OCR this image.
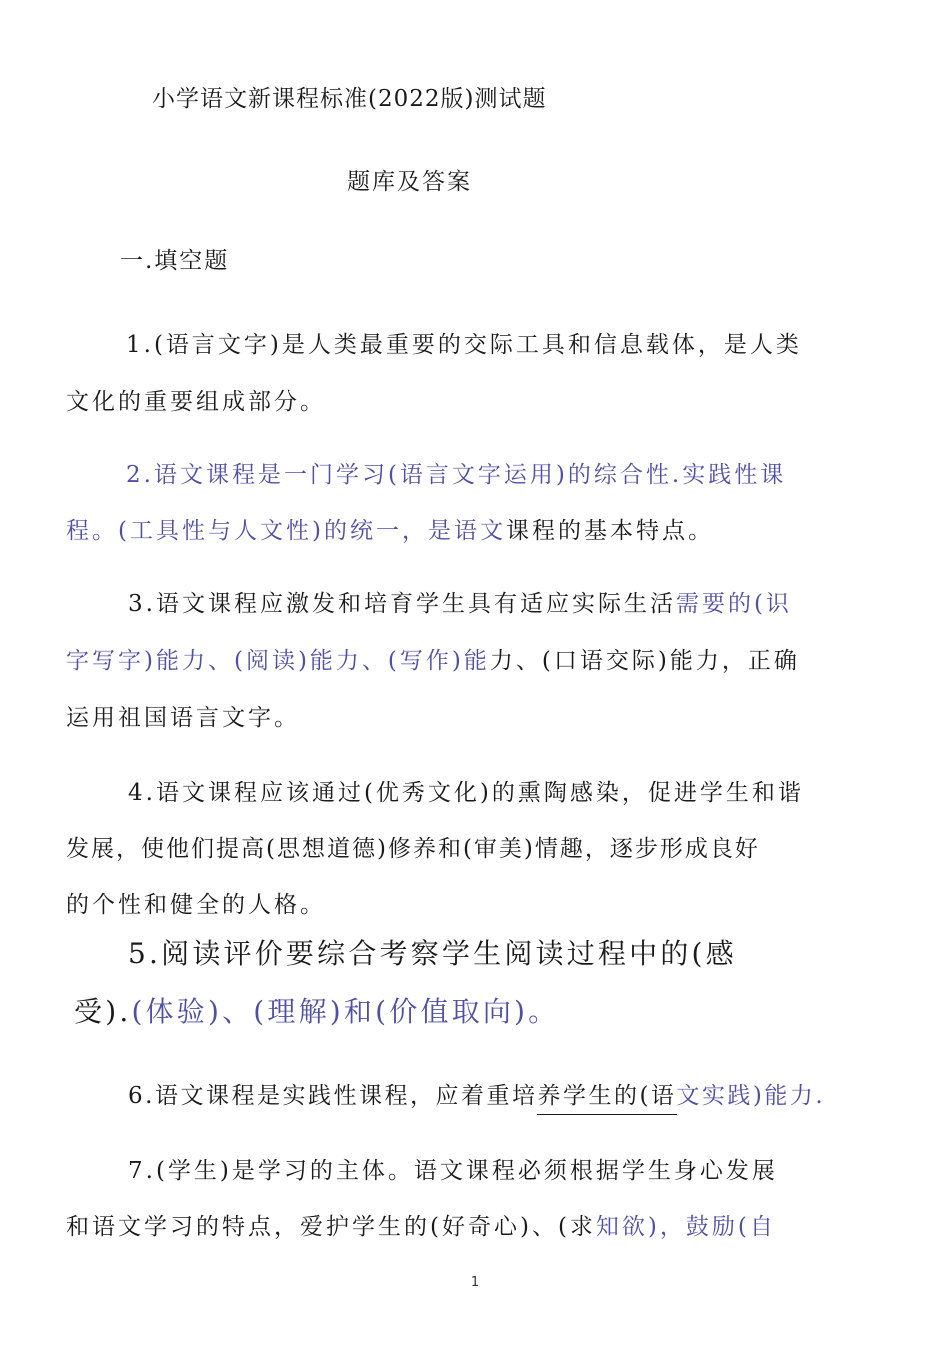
小学语文新课程标准(2022版)测试题
题库及答案
一.填空题
1.(语言文字)是人类最重要的交际工具和信息载体，是人类
文化的重要组成部分。
2.语文课程是一门学习(语言文字运用)的综合性.实践性课
程。(工具性与人文性)的统一，是语文课程的基本特点。
3.语文课程应激发和培育学生具有适应实际生活需要的(识
字写字)能力、(阅读)能力、(写作)能力、(口语交际)能力，正确
运用祖国语言文字。
4.语文课程应该通过(优秀文化)的熏陶感染，促进学生和谐
发展，使他们提高(思想道德)修养和(审美)情趣，逐步形成良好
的个性和健全的人格。
5.阅读评价要综合考察学生阅读过程中的(感
受).(体验)、(理解)和(价值取向)。
6.语文课程是实践性课程，应着重培养学生的(语文实践)能力.
7.(学生)是学习的主体。语文课程必须根据学生身心发展
和语文学习的特点，爱护学生的(好奇心)、(求知欲)，鼓励(自
1
